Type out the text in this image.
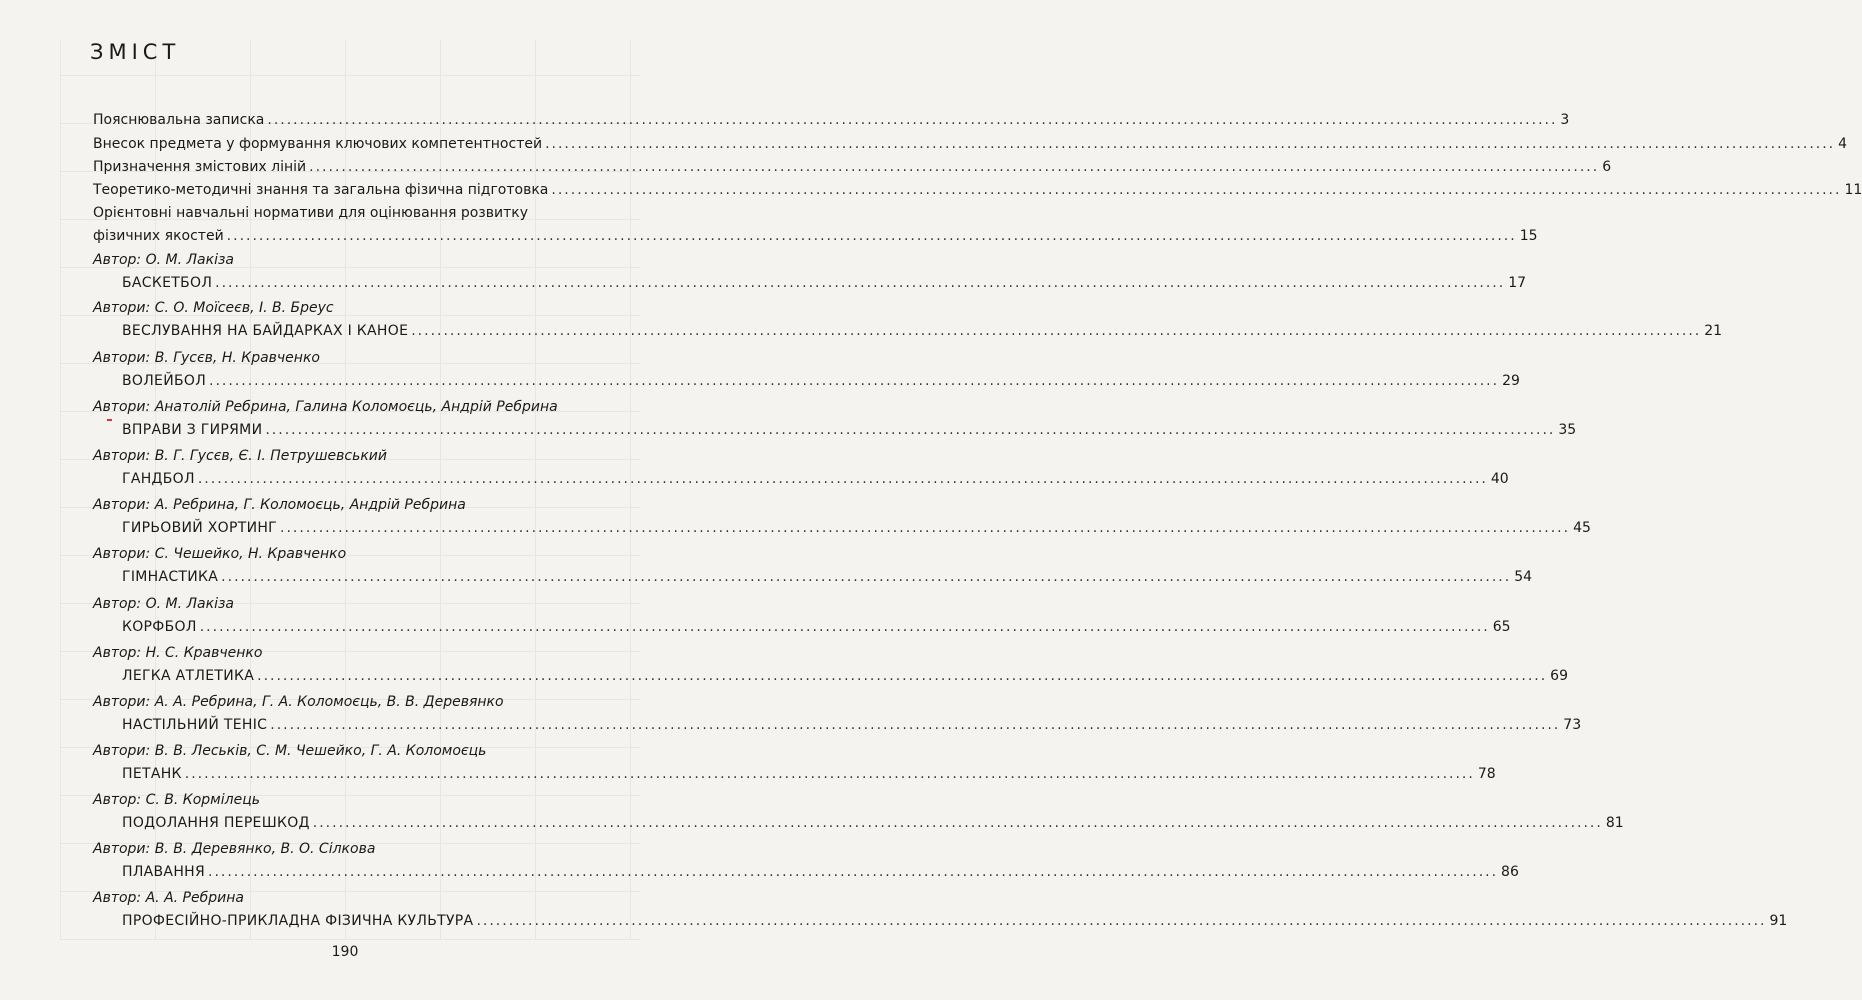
ЗМІСТ
Пояснювальна записка ........................................................................................................................................................................................................ 3
Внесок предмета у формування ключових компетентностей ........................................................................................................................................................................................................ 4
Призначення змістових ліній ........................................................................................................................................................................................................ 6
Теоретико-методичні знання та загальна фізична підготовка ........................................................................................................................................................................................................ 11
Орієнтовні навчальні нормативи для оцінювання розвитку
фізичних якостей ........................................................................................................................................................................................................ 15
Автор: О. М. Лакіза
БАСКЕТБОЛ ........................................................................................................................................................................................................ 17
Автори: С. О. Моїсеєв, І. В. Бреус
ВЕСЛУВАННЯ НА БАЙДАРКАХ І КАНОЕ ........................................................................................................................................................................................................ 21
Автори: В. Гусєв, Н. Кравченко
ВОЛЕЙБОЛ ........................................................................................................................................................................................................ 29
Автори: Анатолій Ребрина, Галина Коломоєць, Андрій Ребрина
ВПРАВИ З ГИРЯМИ ........................................................................................................................................................................................................ 35
Автори: В. Г. Гусєв, Є. І. Петрушевський
ГАНДБОЛ ........................................................................................................................................................................................................ 40
Автори: А. Ребрина, Г. Коломоєць, Андрій Ребрина
ГИРЬОВИЙ ХОРТИНГ ........................................................................................................................................................................................................ 45
Автори: С. Чешейко, Н. Кравченко
ГІМНАСТИКА ........................................................................................................................................................................................................ 54
Автор: О. М. Лакіза
КОРФБОЛ ........................................................................................................................................................................................................ 65
Автор: Н. С. Кравченко
ЛЕГКА АТЛЕТИКА ........................................................................................................................................................................................................ 69
Автори: А. А. Ребрина, Г. А. Коломоєць, В. В. Деревянко
НАСТІЛЬНИЙ ТЕНІС ........................................................................................................................................................................................................ 73
Автори: В. В. Леськів, С. М. Чешейко, Г. А. Коломоєць
ПЕТАНК ........................................................................................................................................................................................................ 78
Автор: С. В. Кормілець
ПОДОЛАННЯ ПЕРЕШКОД ........................................................................................................................................................................................................ 81
Автори: В. В. Деревянко, В. О. Сілкова
ПЛАВАННЯ ........................................................................................................................................................................................................ 86
Автор: А. А. Ребрина
ПРОФЕСІЙНО-ПРИКЛАДНА ФІЗИЧНА КУЛЬТУРА ........................................................................................................................................................................................................ 91
190
